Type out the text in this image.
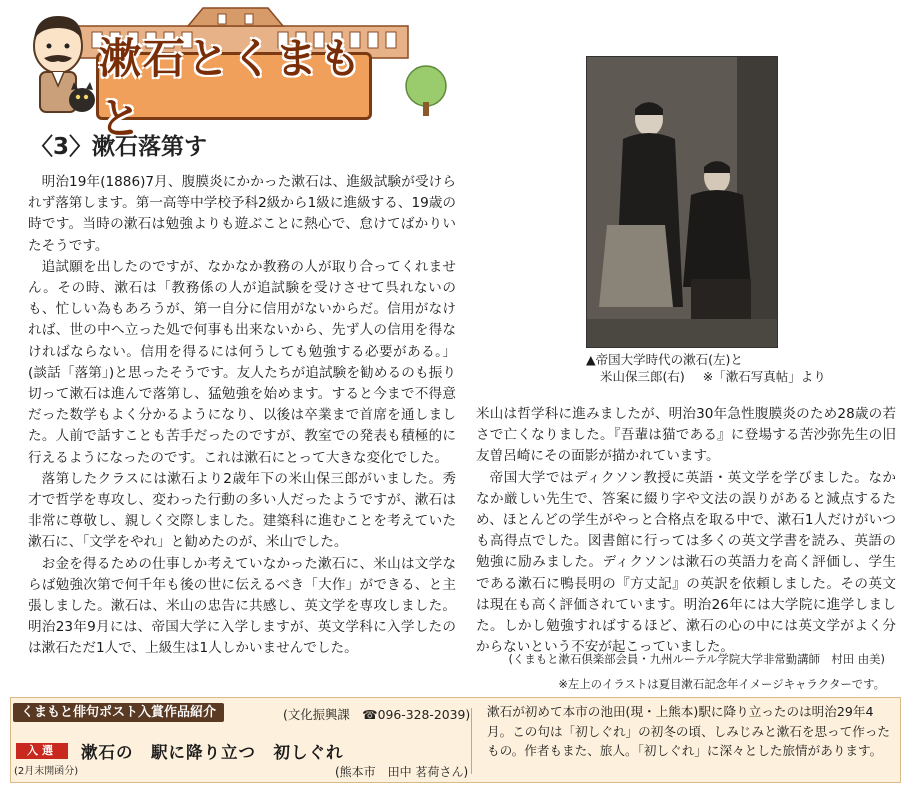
漱石とくまもと
〈3〉漱石落第す

明治19年(1886)7月、腹膜炎にかかった漱石は、進級試験が受けられず落第します。第一高等中学校予科2級から1級に進級する、19歳の時です。当時の漱石は勉強よりも遊ぶことに熱心で、怠けてばかりいたそうです。

追試願を出したのですが、なかなか教務の人が取り合ってくれません。その時、漱石は「教務係の人が追試験を受けさせて呉れないのも、忙しい為もあろうが、第一自分に信用がないからだ。信用がなければ、世の中へ立った処で何事も出来ないから、先ず人の信用を得なければならない。信用を得るには何うしても勉強する必要がある。」(談話「落第」)と思ったそうです。友人たちが追試験を勧めるのも振り切って漱石は進んで落第し、猛勉強を始めます。すると今まで不得意だった数学もよく分かるようになり、以後は卒業まで首席を通しました。人前で話すことも苦手だったのですが、教室での発表も積極的に行えるようになったのです。これは漱石にとって大きな変化でした。

落第したクラスには漱石より2歳年下の米山保三郎がいました。秀才で哲学を専攻し、変わった行動の多い人だったようですが、漱石は非常に尊敬し、親しく交際しました。建築科に進むことを考えていた漱石に、「文学をやれ」と勧めたのが、米山でした。

お金を得るための仕事しか考えていなかった漱石に、米山は文学ならば勉強次第で何千年も後の世に伝えるべき「大作」ができる、と主張しました。漱石は、米山の忠告に共感し、英文学を専攻しました。明治23年9月には、帝国大学に入学しますが、英文学科に入学したのは漱石ただ1人で、上級生は1人しかいませんでした。

▲帝国大学時代の漱石(左)と
米山保三郎(右) ※「漱石写真帖」より

米山は哲学科に進みましたが、明治30年急性腹膜炎のため28歳の若さで亡くなりました。『吾輩は猫である』に登場する苦沙弥先生の旧友曽呂崎にその面影が描かれています。

帝国大学ではディクソン教授に英語・英文学を学びました。なかなか厳しい先生で、答案に綴り字や文法の誤りがあると減点するため、ほとんどの学生がやっと合格点を取る中で、漱石1人だけがいつも高得点でした。図書館に行っては多くの英文学書を読み、英語の勉強に励みました。ディクソンは漱石の英語力を高く評価し、学生である漱石に鴨長明の『方丈記』の英訳を依頼しました。その英文は現在も高く評価されています。明治26年には大学院に進学しました。しかし勉強すればするほど、漱石の心の中には英文学がよく分からないという不安が起こっていました。

(くまもと漱石倶楽部会員・九州ルーテル学院大学非常勤講師　村田 由美)
※左上のイラストは夏目漱石記念年イメージキャラクターです。
くまもと俳句ポスト入賞作品紹介	(文化振興課　☎096-328-2039)
入選
(2月末開函分)
漱石の　駅に降り立つ　初しぐれ
(熊本市　田中 茗荷さん)
漱石が初めて本市の池田(現・上熊本)駅に降り立ったのは明治29年4月。この句は「初しぐれ」の初冬の頃、しみじみと漱石を思って作ったもの。作者もまた、旅人。「初しぐれ」に深々とした旅情があります。
